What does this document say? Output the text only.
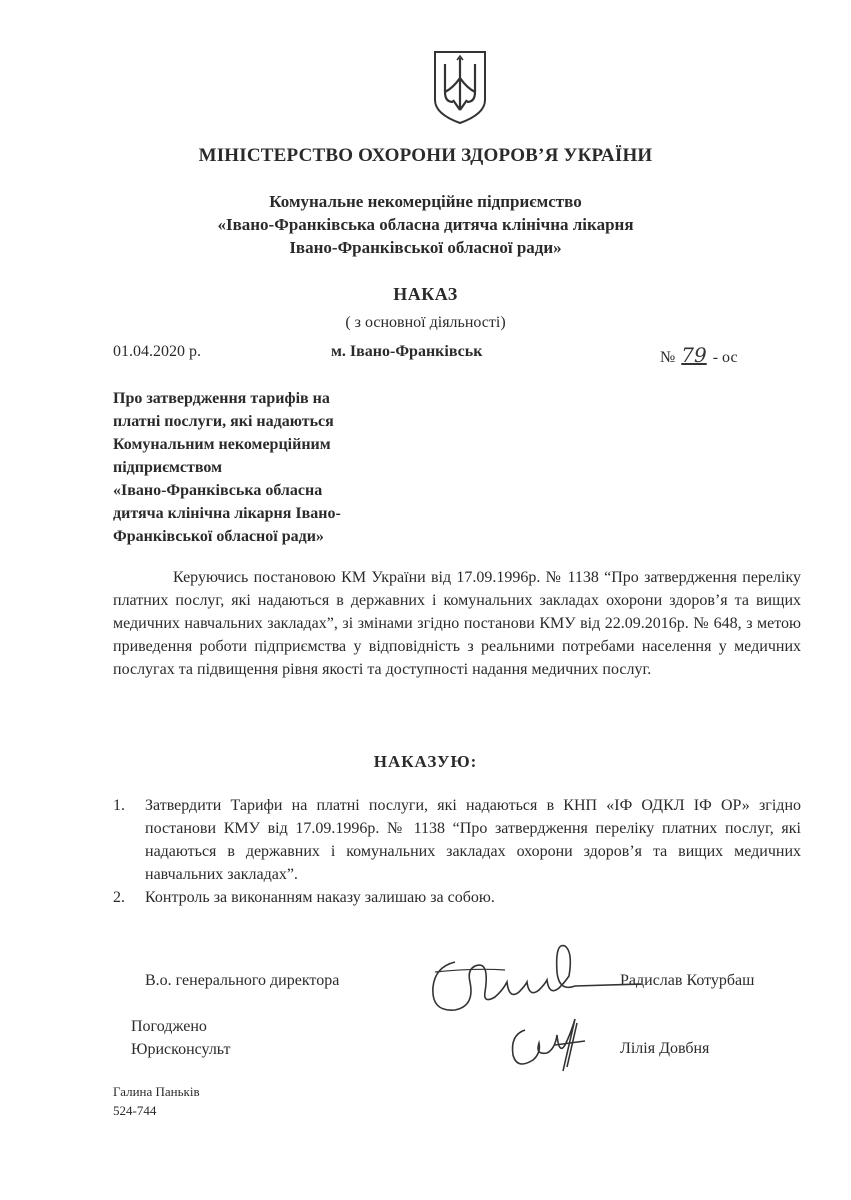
МІНІСТЕРСТВО ОХОРОНИ ЗДОРОВ’Я УКРАЇНИ
Комунальне некомерційне підприємство
«Івано-Франківська обласна дитяча клінічна лікарня
Івано-Франківської обласної ради»
НАКАЗ
( з основної діяльності)
01.04.2020 р.	м. Івано-Франківськ	№ 79 - ос
Про затвердження тарифів на
платні послуги, які надаються
Комунальним некомерційним
підприємством
«Івано-Франківська обласна
дитяча клінічна лікарня Івано-
Франківської обласної ради»
Керуючись постановою КМ України від 17.09.1996р. № 1138 “Про затвердження переліку платних послуг, які надаються в державних і комунальних закладах охорони здоров’я та вищих медичних навчальних закладах”, зі змінами згідно постанови КМУ від 22.09.2016р. № 648, з метою приведення роботи підприємства у відповідність з реальними потребами населення у медичних послугах та підвищення рівня якості та доступності надання медичних послуг.
НАКАЗУЮ:
1. Затвердити Тарифи на платні послуги, які надаються в КНП «ІФ ОДКЛ ІФ ОР» згідно постанови КМУ від 17.09.1996р. № 1138 “Про затвердження переліку платних послуг, які надаються в державних і комунальних закладах охорони здоров’я та вищих медичних навчальних закладах”.
2. Контроль за виконанням наказу залишаю за собою.
В.о. генерального директора	Радислав Котурбаш
Погоджено
Юрисконсульт	Лілія Довбня
Галина Паньків
524-744
